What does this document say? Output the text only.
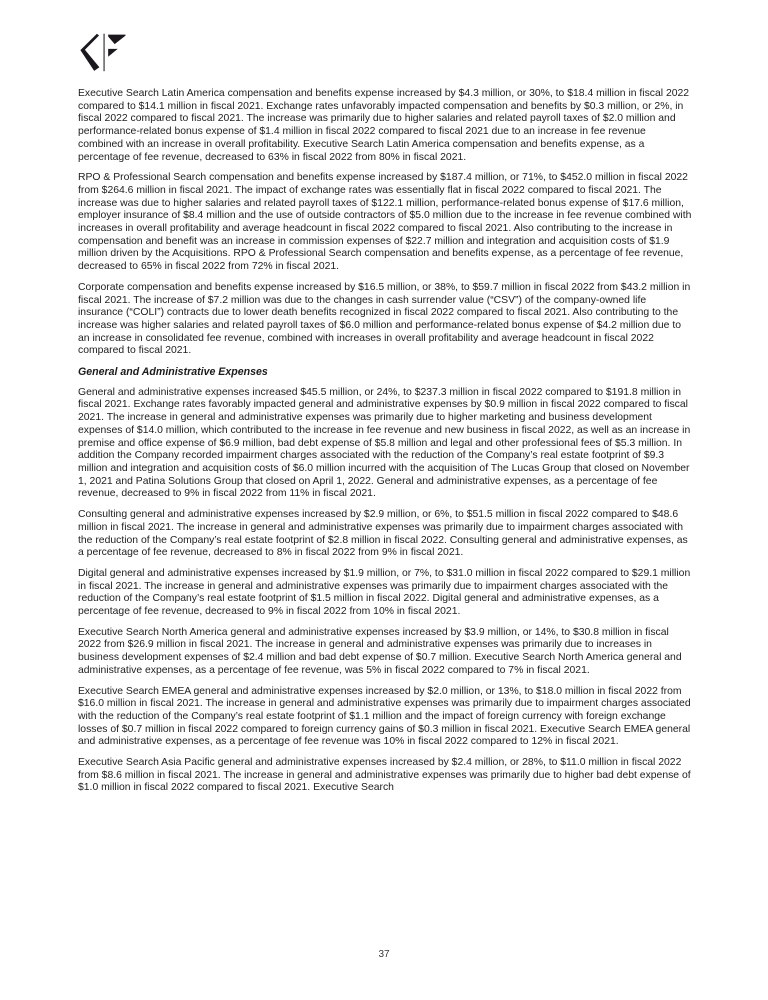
Executive Search Latin America compensation and benefits expense increased by $4.3 million, or 30%, to $18.4 million in fiscal 2022 compared to $14.1 million in fiscal 2021. Exchange rates unfavorably impacted compensation and benefits by $0.3 million, or 2%, in fiscal 2022 compared to fiscal 2021. The increase was primarily due to higher salaries and related payroll taxes of $2.0 million and performance-related bonus expense of $1.4 million in fiscal 2022 compared to fiscal 2021 due to an increase in fee revenue combined with an increase in overall profitability. Executive Search Latin America compensation and benefits expense, as a percentage of fee revenue, decreased to 63% in fiscal 2022 from 80% in fiscal 2021.

RPO & Professional Search compensation and benefits expense increased by $187.4 million, or 71%, to $452.0 million in fiscal 2022 from $264.6 million in fiscal 2021. The impact of exchange rates was essentially flat in fiscal 2022 compared to fiscal 2021. The increase was due to higher salaries and related payroll taxes of $122.1 million, performance-related bonus expense of $17.6 million, employer insurance of $8.4 million and the use of outside contractors of $5.0 million due to the increase in fee revenue combined with increases in overall profitability and average headcount in fiscal 2022 compared to fiscal 2021. Also contributing to the increase in compensation and benefit was an increase in commission expenses of $22.7 million and integration and acquisition costs of $1.9 million driven by the Acquisitions. RPO & Professional Search compensation and benefits expense, as a percentage of fee revenue, decreased to 65% in fiscal 2022 from 72% in fiscal 2021.

Corporate compensation and benefits expense increased by $16.5 million, or 38%, to $59.7 million in fiscal 2022 from $43.2 million in fiscal 2021. The increase of $7.2 million was due to the changes in cash surrender value (“CSV”) of the company-owned life insurance (“COLI”) contracts due to lower death benefits recognized in fiscal 2022 compared to fiscal 2021. Also contributing to the increase was higher salaries and related payroll taxes of $6.0 million and performance-related bonus expense of $4.2 million due to an increase in consolidated fee revenue, combined with increases in overall profitability and average headcount in fiscal 2022 compared to fiscal 2021.

General and Administrative Expenses

General and administrative expenses increased $45.5 million, or 24%, to $237.3 million in fiscal 2022 compared to $191.8 million in fiscal 2021. Exchange rates favorably impacted general and administrative expenses by $0.9 million in fiscal 2022 compared to fiscal 2021. The increase in general and administrative expenses was primarily due to higher marketing and business development expenses of $14.0 million, which contributed to the increase in fee revenue and new business in fiscal 2022, as well as an increase in premise and office expense of $6.9 million, bad debt expense of $5.8 million and legal and other professional fees of $5.3 million. In addition the Company recorded impairment charges associated with the reduction of the Company’s real estate footprint of $9.3 million and integration and acquisition costs of $6.0 million incurred with the acquisition of The Lucas Group that closed on November 1, 2021 and Patina Solutions Group that closed on April 1, 2022. General and administrative expenses, as a percentage of fee revenue, decreased to 9% in fiscal 2022 from 11% in fiscal 2021.

Consulting general and administrative expenses increased by $2.9 million, or 6%, to $51.5 million in fiscal 2022 compared to $48.6 million in fiscal 2021. The increase in general and administrative expenses was primarily due to impairment charges associated with the reduction of the Company’s real estate footprint of $2.8 million in fiscal 2022. Consulting general and administrative expenses, as a percentage of fee revenue, decreased to 8% in fiscal 2022 from 9% in fiscal 2021.

Digital general and administrative expenses increased by $1.9 million, or 7%, to $31.0 million in fiscal 2022 compared to $29.1 million in fiscal 2021. The increase in general and administrative expenses was primarily due to impairment charges associated with the reduction of the Company’s real estate footprint of $1.5 million in fiscal 2022. Digital general and administrative expenses, as a percentage of fee revenue, decreased to 9% in fiscal 2022 from 10% in fiscal 2021.

Executive Search North America general and administrative expenses increased by $3.9 million, or 14%, to $30.8 million in fiscal 2022 from $26.9 million in fiscal 2021. The increase in general and administrative expenses was primarily due to increases in business development expenses of $2.4 million and bad debt expense of $0.7 million. Executive Search North America general and administrative expenses, as a percentage of fee revenue, was 5% in fiscal 2022 compared to 7% in fiscal 2021.

Executive Search EMEA general and administrative expenses increased by $2.0 million, or 13%, to $18.0 million in fiscal 2022 from $16.0 million in fiscal 2021. The increase in general and administrative expenses was primarily due to impairment charges associated with the reduction of the Company’s real estate footprint of $1.1 million and the impact of foreign currency with foreign exchange losses of $0.7 million in fiscal 2022 compared to foreign currency gains of $0.3 million in fiscal 2021. Executive Search EMEA general and administrative expenses, as a percentage of fee revenue was 10% in fiscal 2022 compared to 12% in fiscal 2021.

Executive Search Asia Pacific general and administrative expenses increased by $2.4 million, or 28%, to $11.0 million in fiscal 2022 from $8.6 million in fiscal 2021. The increase in general and administrative expenses was primarily due to higher bad debt expense of $1.0 million in fiscal 2022 compared to fiscal 2021. Executive Search

37
